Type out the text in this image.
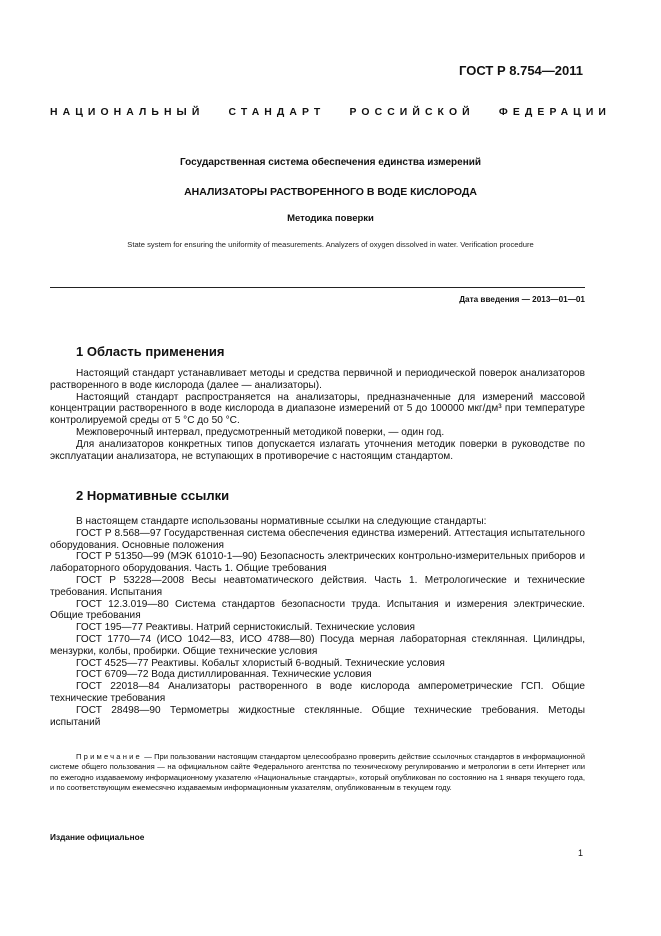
ГОСТ Р 8.754—2011
НАЦИОНАЛЬНЫЙ СТАНДАРТ РОССИЙСКОЙ ФЕДЕРАЦИИ
Государственная система обеспечения единства измерений
АНАЛИЗАТОРЫ РАСТВОРЕННОГО В ВОДЕ КИСЛОРОДА
Методика поверки
State system for ensuring the uniformity of measurements. Analyzers of oxygen dissolved in water. Verification procedure
Дата введения — 2013—01—01
1 Область применения

Настоящий стандарт устанавливает методы и средства первичной и периодической поверок анализаторов растворенного в воде кислорода (далее — анализаторы).

Настоящий стандарт распространяется на анализаторы, предназначенные для измерений массовой концентрации растворенного в воде кислорода в диапазоне измерений от 5 до 100000 мкг/дм³ при температуре контролируемой среды от 5 °С до 50 °С.

Межповерочный интервал, предусмотренный методикой поверки, — один год.

Для анализаторов конкретных типов допускается излагать уточнения методик поверки в руководстве по эксплуатации анализатора, не вступающих в противоречие с настоящим стандартом.

2 Нормативные ссылки

В настоящем стандарте использованы нормативные ссылки на следующие стандарты:

ГОСТ Р 8.568—97 Государственная система обеспечения единства измерений. Аттестация испытательного оборудования. Основные положения

ГОСТ Р 51350—99 (МЭК 61010-1—90) Безопасность электрических контрольно-измерительных приборов и лабораторного оборудования. Часть 1. Общие требования

ГОСТ Р 53228—2008 Весы неавтоматического действия. Часть 1. Метрологические и технические требования. Испытания

ГОСТ 12.3.019—80 Система стандартов безопасности труда. Испытания и измерения электрические. Общие требования

ГОСТ 195—77 Реактивы. Натрий сернистокислый. Технические условия

ГОСТ 1770—74 (ИСО 1042—83, ИСО 4788—80) Посуда мерная лабораторная стеклянная. Цилиндры, мензурки, колбы, пробирки. Общие технические условия

ГОСТ 4525—77 Реактивы. Кобальт хлористый 6-водный. Технические условия

ГОСТ 6709—72 Вода дистиллированная. Технические условия

ГОСТ 22018—84 Анализаторы растворенного в воде кислорода амперометрические ГСП. Общие технические требования

ГОСТ 28498—90 Термометры жидкостные стеклянные. Общие технические требования. Методы испытаний

Примечание — При пользовании настоящим стандартом целесообразно проверить действие ссылочных стандартов в информационной системе общего пользования — на официальном сайте Федерального агентства по техническому регулированию и метрологии в сети Интернет или по ежегодно издаваемому информационному указателю «Национальные стандарты», который опубликован по состоянию на 1 января текущего года, и по соответствующим ежемесячно издаваемым информационным указателям, опубликованным в текущем году.

Издание официальное
1
